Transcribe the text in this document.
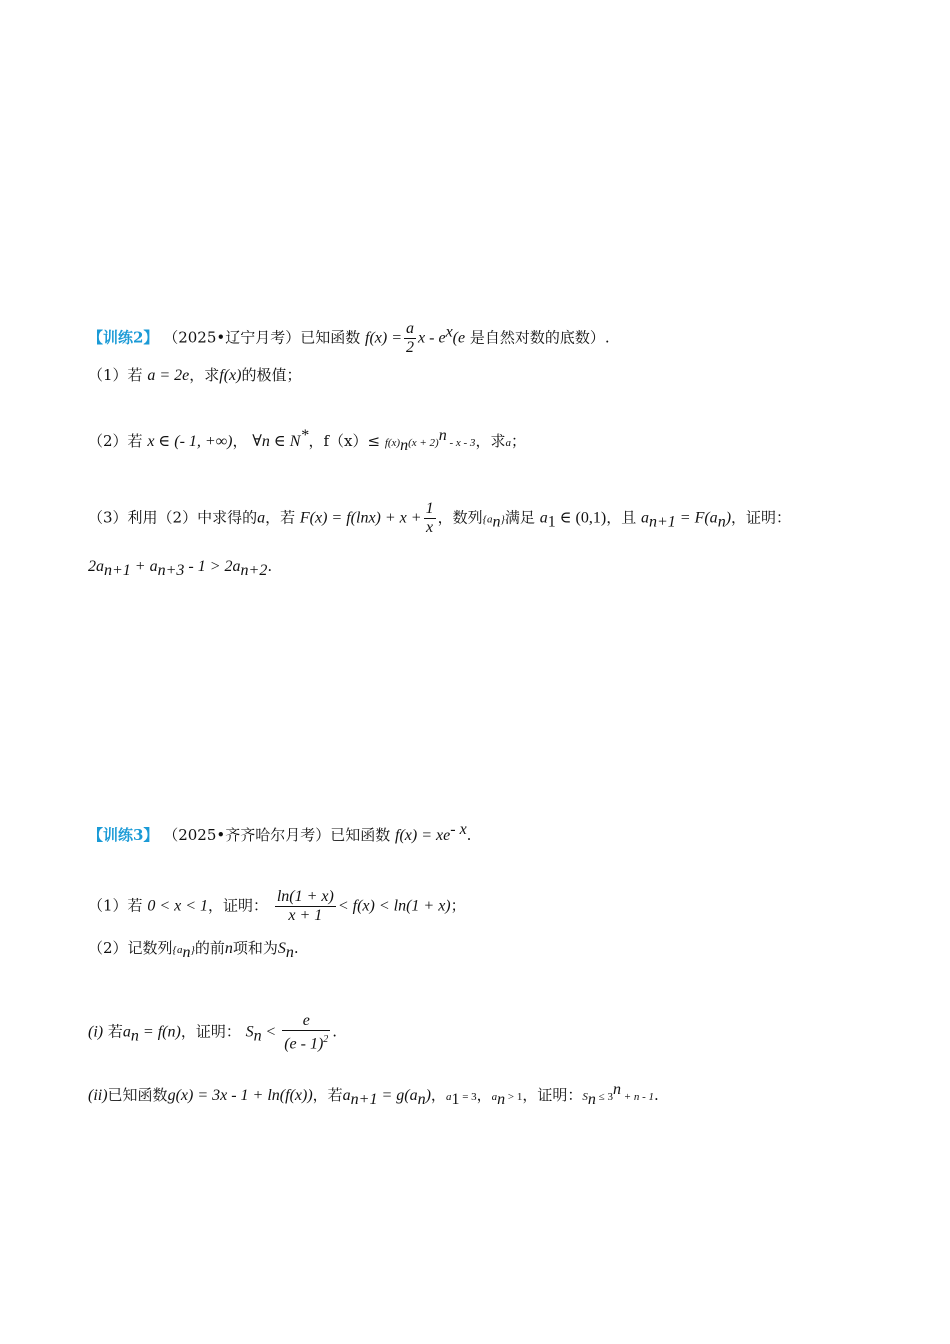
【训练2】 （2025•辽宁月考）已知函数 $f(x) = \frac{a}{2}$ x - $e^x(e$ 是自然对数的底数）.
（1）若 a = 2e，求f(x)的极值；
（2）若 x ∈ (- 1, +∞)， ∀n ∈ N*，$f(x)\le f(x)_n(x + 2)^n - x - 3$，求a；
（3）利用（2）中求得的a，若 $F(x) = f(\ln x) + x + \frac{1}{x}$ ，数列$\{a_n\}$满足 $a_1$ ∈ (0,1)，且 $a_{n+1} = F(a_n)$，证明：
$2a_{n+1} + a_{n+3} - 1 > 2a_{n+2}$.
【训练3】 （2025•齐齐哈尔月考）已知函数 $f(x) = xe^{- x}$.
（1）若 0 < x < 1，证明： $\frac{\ln(1 + x)}{x + 1} < f(x) < \ln(1 + x)$；
（2）记数列$\{a_n\}$的前n项和为$S_n$.
(i) 若$a_n = f(n)$，证明： $S_n < \frac{e}{(e - 1)^2}$ .
(ii)已知函数g(x) = 3x - 1 + ln(f(x))，若$a_{n+1} = g(a_n)$，$a_1 = 3$，$a_n > 1$，证明：$S_n \le 3^n + n - 1$.
